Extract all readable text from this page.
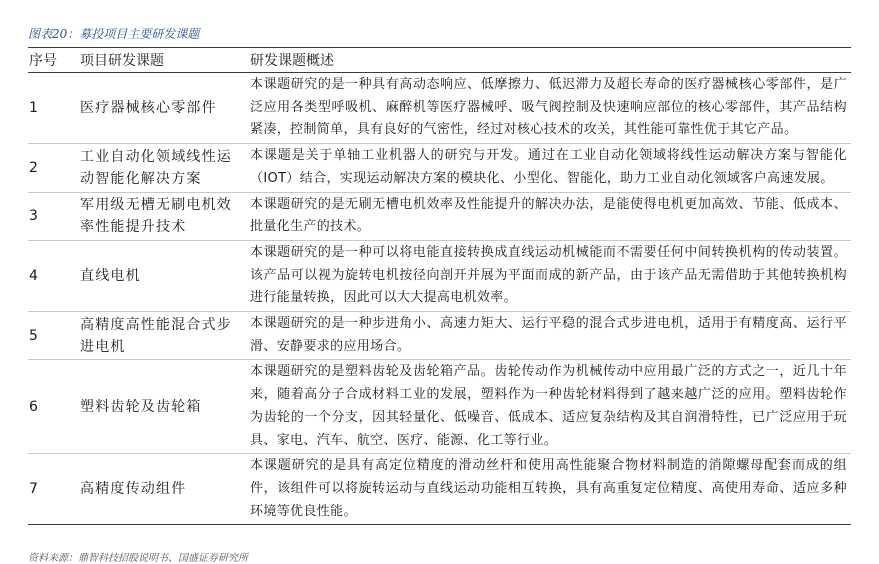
图表20：募投项目主要研发课题
序号	项目研发课题	研发课题概述
1	医疗器械核心零部件	本课题研究的是一种具有高动态响应、低摩擦力、低迟滞力及超长寿命的医疗器械核心零部件，是广泛应用各类型呼吸机、麻醉机等医疗器械呼、吸气阀控制及快速响应部位的核心零部件，其产品结构紧凑，控制简单，具有良好的气密性，经过对核心技术的攻关，其性能可靠性优于其它产品。
2	工业自动化领域线性运动智能化解决方案	本课题是关于单轴工业机器人的研究与开发。通过在工业自动化领域将线性运动解决方案与智能化（IOT）结合，实现运动解决方案的模块化、小型化、智能化，助力工业自动化领域客户高速发展。
3	军用级无槽无刷电机效率性能提升技术	本课题研究的是无刷无槽电机效率及性能提升的解决办法，是能使得电机更加高效、节能、低成本、批量化生产的技术。
4	直线电机	本课题研究的是一种可以将电能直接转换成直线运动机械能而不需要任何中间转换机构的传动装置。该产品可以视为旋转电机按径向剖开并展为平面而成的新产品，由于该产品无需借助于其他转换机构进行能量转换，因此可以大大提高电机效率。
5	高精度高性能混合式步进电机	本课题研究的是一种步进角小、高速力矩大、运行平稳的混合式步进电机，适用于有精度高、运行平滑、安静要求的应用场合。
6	塑料齿轮及齿轮箱	本课题研究的是塑料齿轮及齿轮箱产品。齿轮传动作为机械传动中应用最广泛的方式之一，近几十年来，随着高分子合成材料工业的发展，塑料作为一种齿轮材料得到了越来越广泛的应用。塑料齿轮作为齿轮的一个分支，因其轻量化、低噪音、低成本、适应复杂结构及其自润滑特性，已广泛应用于玩具、家电、汽车、航空、医疗、能源、化工等行业。
7	高精度传动组件	本课题研究的是具有高定位精度的滑动丝杆和使用高性能聚合物材料制造的消隙螺母配套而成的组件，该组件可以将旋转运动与直线运动功能相互转换，具有高重复定位精度、高使用寿命、适应多种环境等优良性能。
资料来源：鼎智科技招股说明书、国盛证券研究所
